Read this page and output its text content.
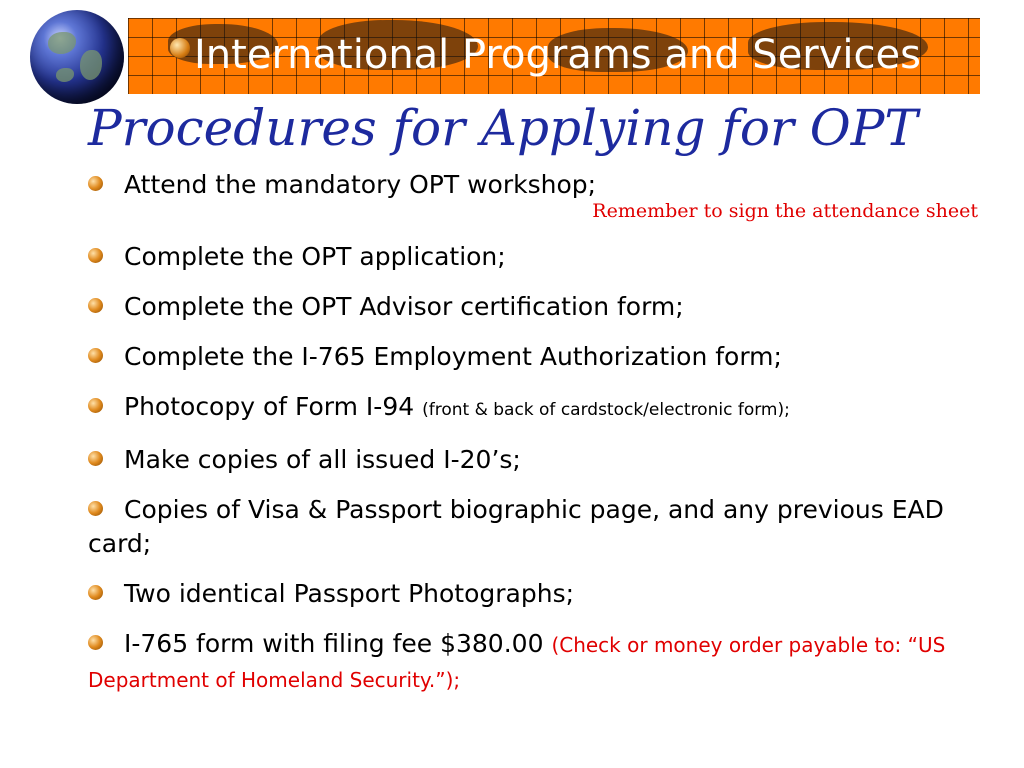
International Programs and Services
Procedures for Applying for OPT
Attend the mandatory OPT workshop;
Remember to sign the attendance sheet
Complete the OPT application;
Complete the OPT Advisor certification form;
Complete the I-765 Employment Authorization form;
Photocopy of Form I-94 (front & back of cardstock/electronic form);
Make copies of all issued I-20’s;
Copies of Visa & Passport biographic page, and any previous EAD card;
Two identical Passport Photographs;
I-765 form with filing fee $380.00 (Check or money order payable to: “US Department of Homeland Security.”);
